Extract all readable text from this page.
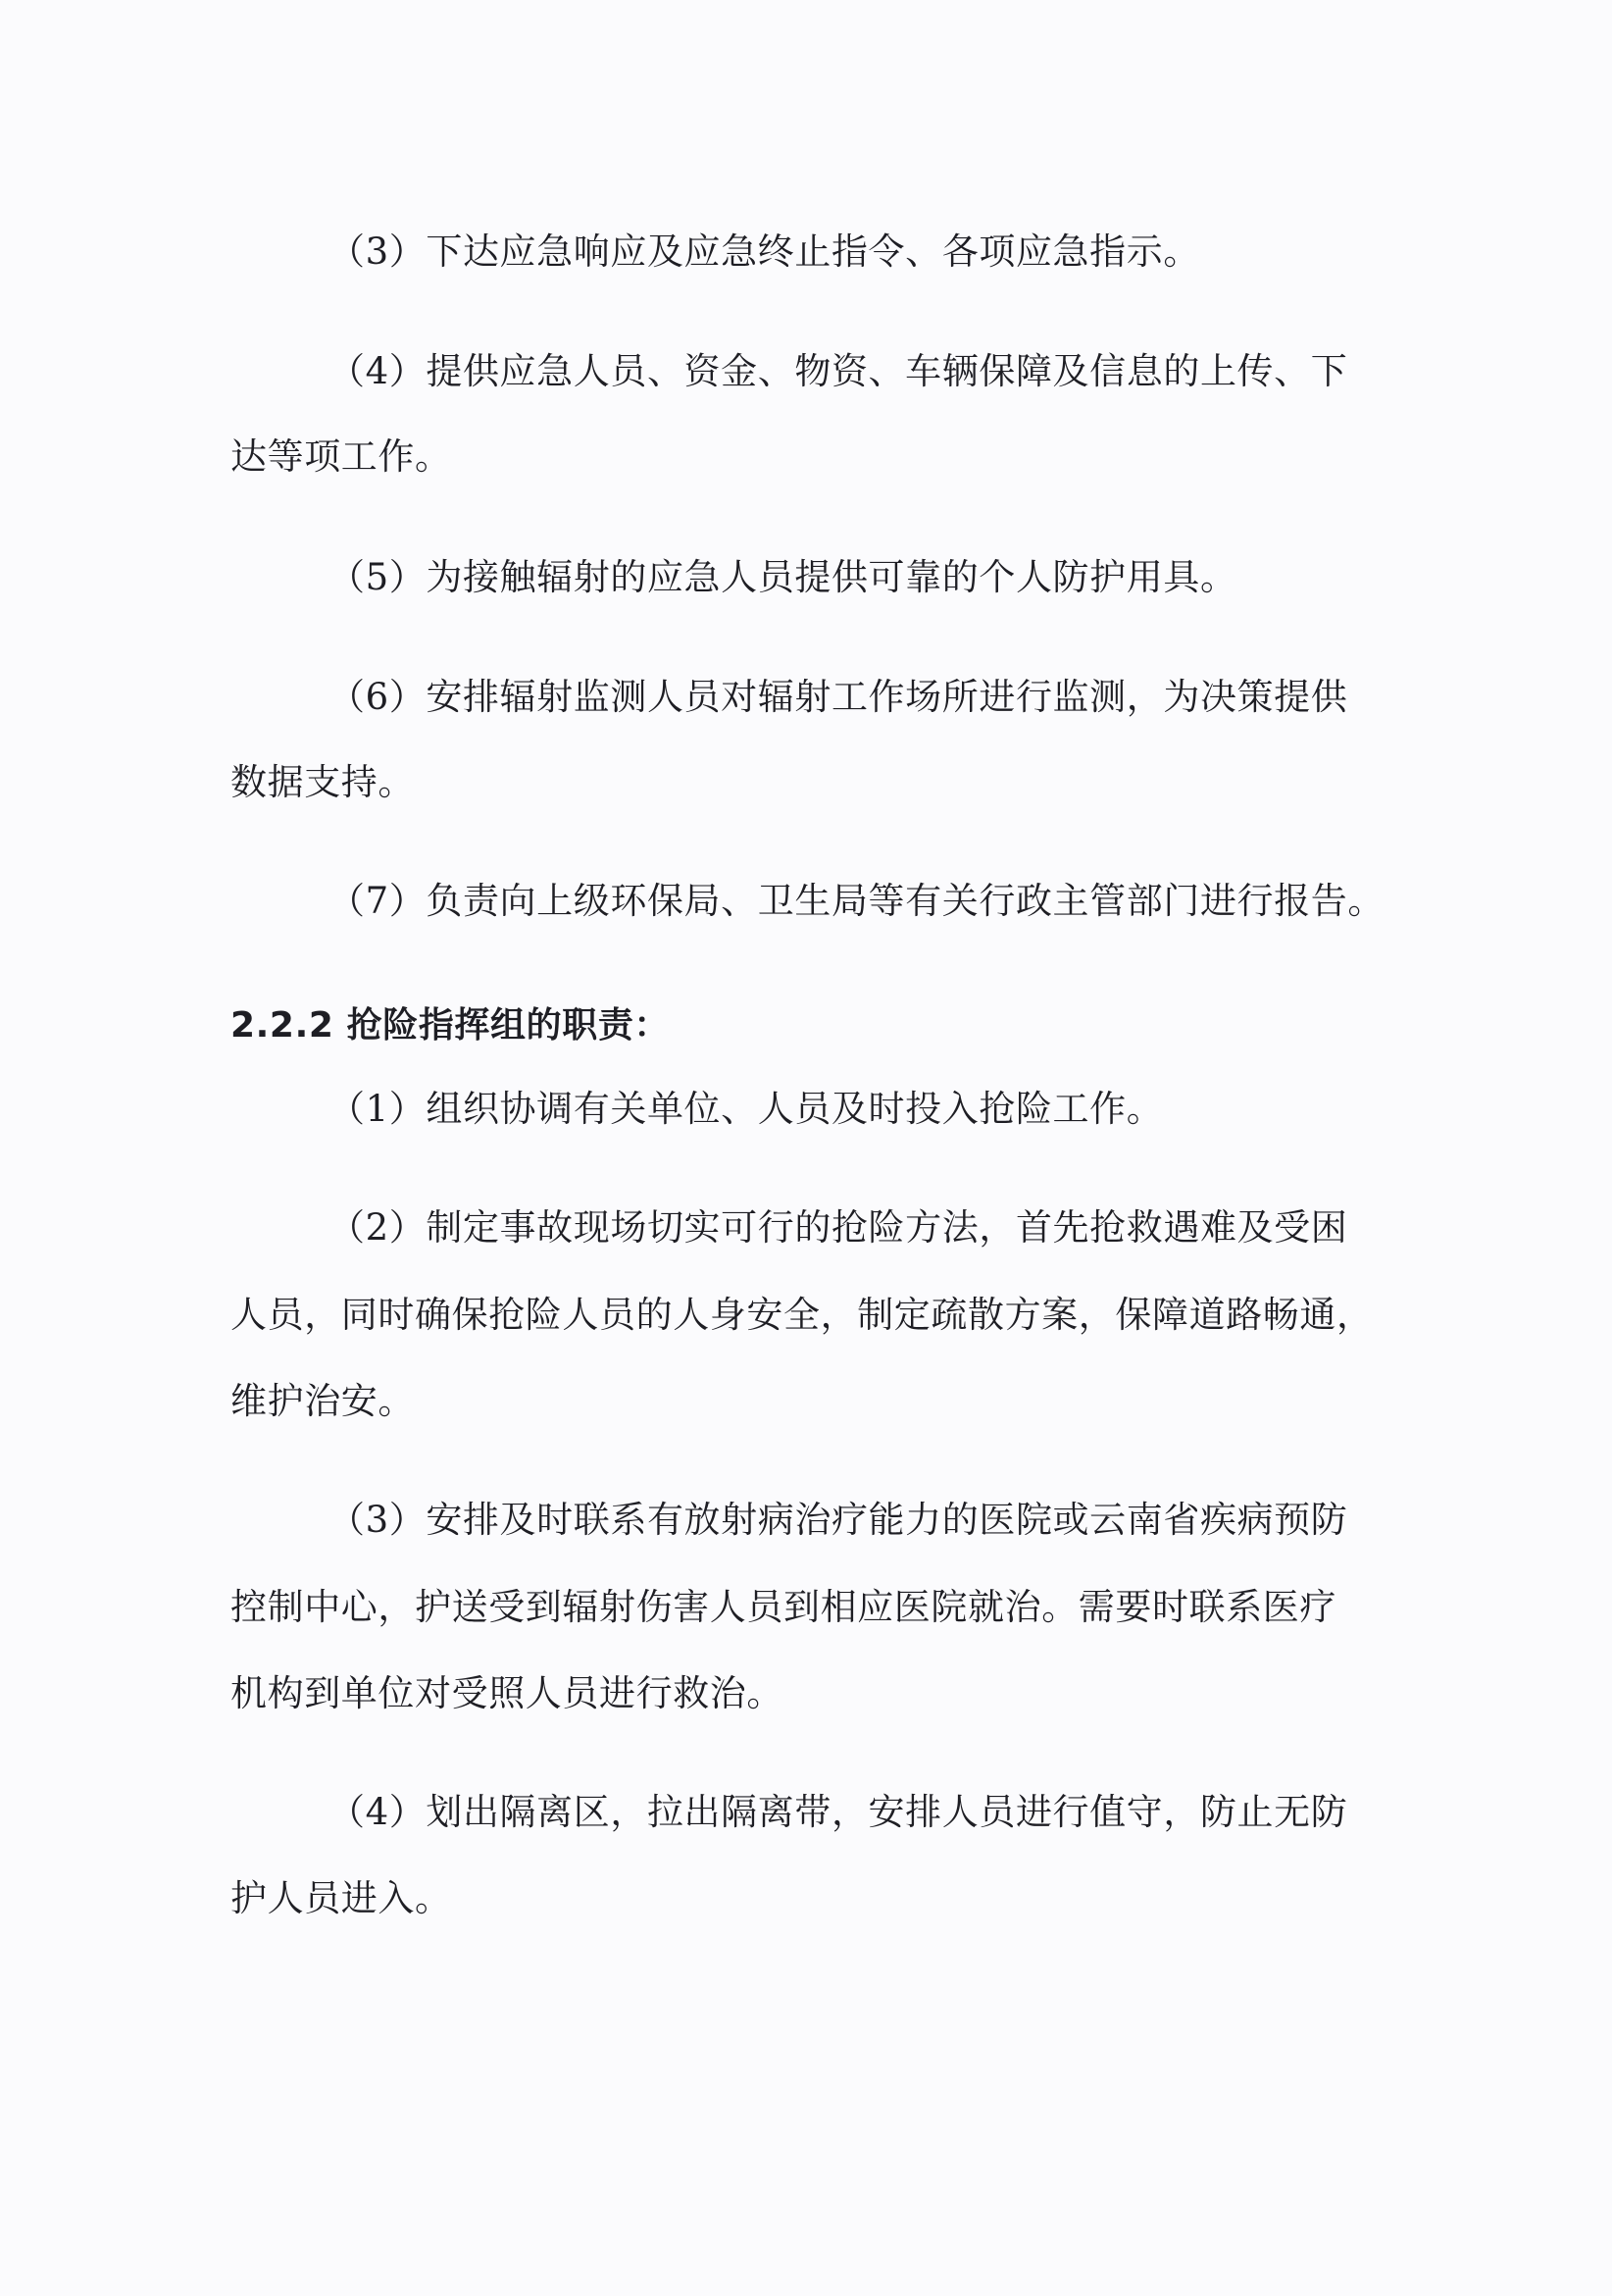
（3）下达应急响应及应急终止指令、各项应急指示。
（4）提供应急人员、资金、物资、车辆保障及信息的上传、下
达等项工作。
（5）为接触辐射的应急人员提供可靠的个人防护用具。
（6）安排辐射监测人员对辐射工作场所进行监测，为决策提供
数据支持。
（7）负责向上级环保局、卫生局等有关行政主管部门进行报告。
2.2.2 抢险指挥组的职责：
（1）组织协调有关单位、人员及时投入抢险工作。
（2）制定事故现场切实可行的抢险方法，首先抢救遇难及受困
人员，同时确保抢险人员的人身安全，制定疏散方案，保障道路畅通，
维护治安。
（3）安排及时联系有放射病治疗能力的医院或云南省疾病预防
控制中心，护送受到辐射伤害人员到相应医院就治。需要时联系医疗
机构到单位对受照人员进行救治。
（4）划出隔离区，拉出隔离带，安排人员进行值守，防止无防
护人员进入。
